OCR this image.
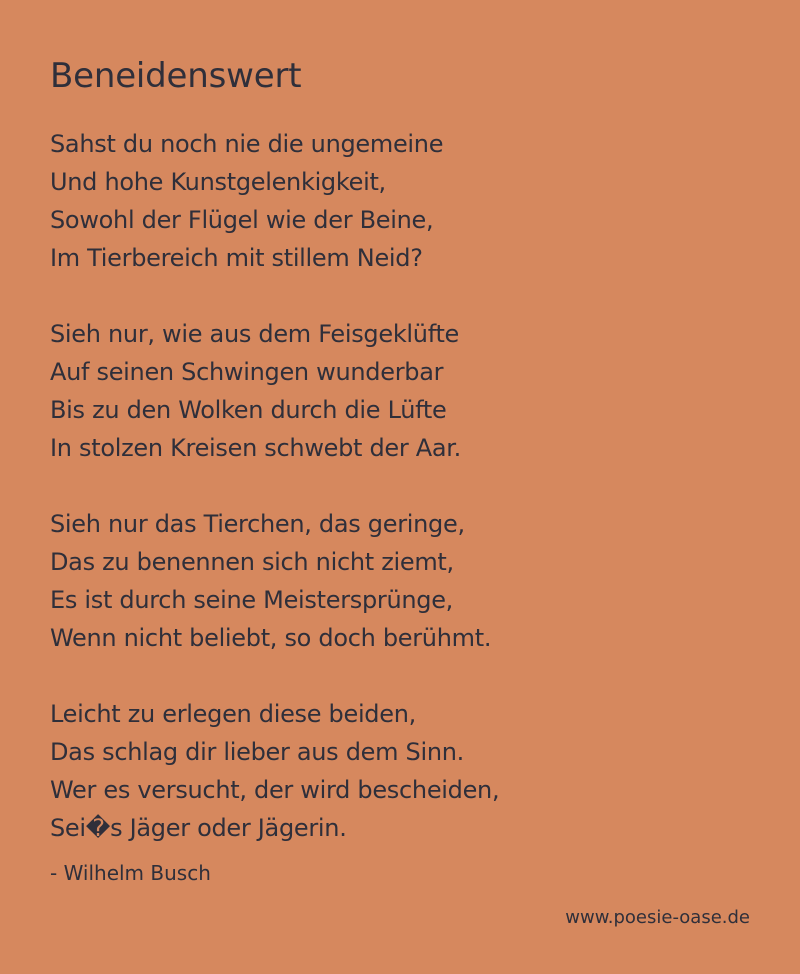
Beneidenswert
Sahst du noch nie die ungemeine
Und hohe Kunstgelenkigkeit,
Sowohl der Flügel wie der Beine,
Im Tierbereich mit stillem Neid?
Sieh nur, wie aus dem Feisgeklüfte
Auf seinen Schwingen wunderbar
Bis zu den Wolken durch die Lüfte
In stolzen Kreisen schwebt der Aar.
Sieh nur das Tierchen, das geringe,
Das zu benennen sich nicht ziemt,
Es ist durch seine Meistersprünge,
Wenn nicht beliebt, so doch berühmt.
Leicht zu erlegen diese beiden,
Das schlag dir lieber aus dem Sinn.
Wer es versucht, der wird bescheiden,
Sei�s Jäger oder Jägerin.
- Wilhelm Busch
www.poesie-oase.de
